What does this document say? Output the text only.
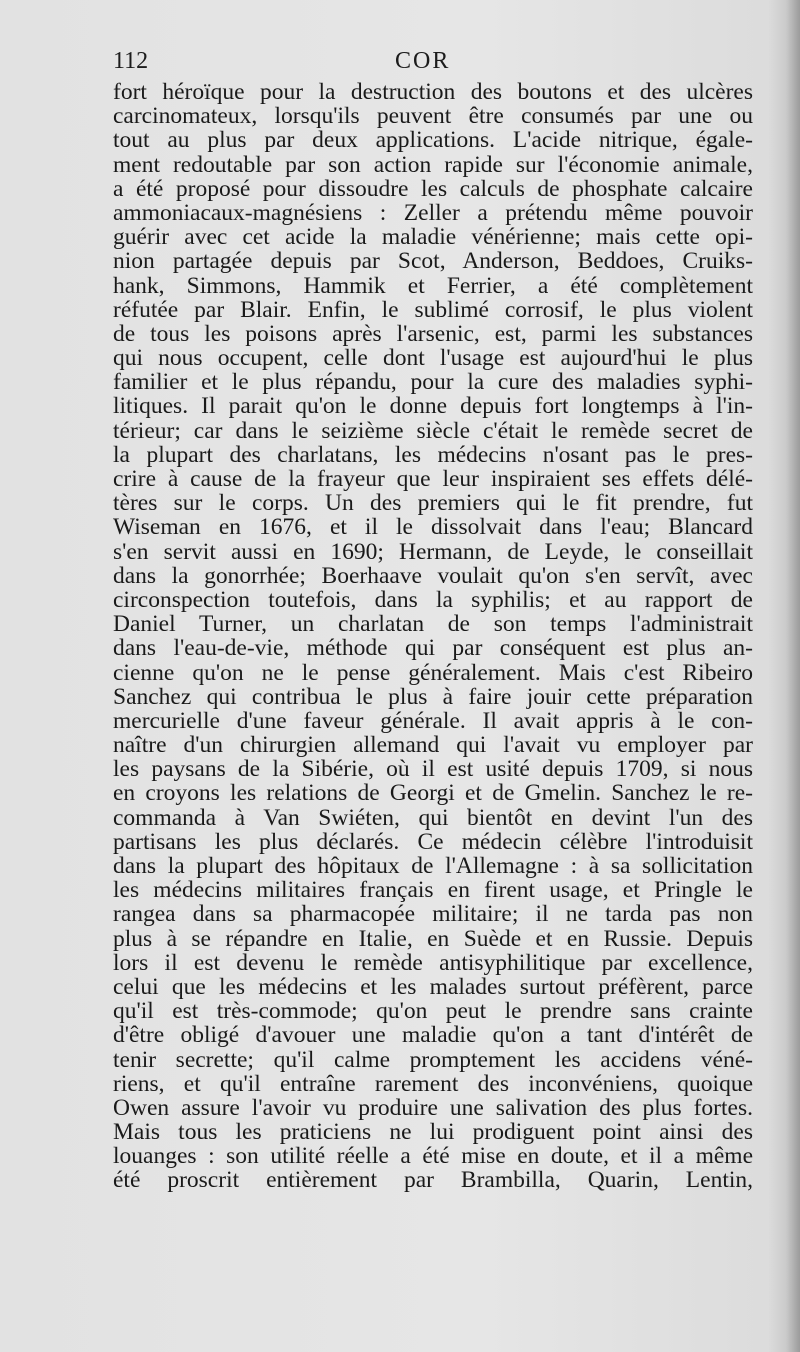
112	COR
fort héroïque pour la destruction des boutons et des ulcères
carcinomateux, lorsqu'ils peuvent être consumés par une ou
tout au plus par deux applications. L'acide nitrique, égale-
ment redoutable par son action rapide sur l'économie animale,
a été proposé pour dissoudre les calculs de phosphate calcaire
ammoniacaux-magnésiens : Zeller a prétendu même pouvoir
guérir avec cet acide la maladie vénérienne; mais cette opi-
nion partagée depuis par Scot, Anderson, Beddoes, Cruiks-
hank, Simmons, Hammik et Ferrier, a été complètement
réfutée par Blair. Enfin, le sublimé corrosif, le plus violent
de tous les poisons après l'arsenic, est, parmi les substances
qui nous occupent, celle dont l'usage est aujourd'hui le plus
familier et le plus répandu, pour la cure des maladies syphi-
litiques. Il parait qu'on le donne depuis fort longtemps à l'in-
térieur; car dans le seizième siècle c'était le remède secret de
la plupart des charlatans, les médecins n'osant pas le pres-
crire à cause de la frayeur que leur inspiraient ses effets délé-
tères sur le corps. Un des premiers qui le fit prendre, fut
Wiseman en 1676, et il le dissolvait dans l'eau; Blancard
s'en servit aussi en 1690; Hermann, de Leyde, le conseillait
dans la gonorrhée; Boerhaave voulait qu'on s'en servît, avec
circonspection toutefois, dans la syphilis; et au rapport de
Daniel Turner, un charlatan de son temps l'administrait
dans l'eau-de-vie, méthode qui par conséquent est plus an-
cienne qu'on ne le pense généralement. Mais c'est Ribeiro
Sanchez qui contribua le plus à faire jouir cette préparation
mercurielle d'une faveur générale. Il avait appris à le con-
naître d'un chirurgien allemand qui l'avait vu employer par
les paysans de la Sibérie, où il est usité depuis 1709, si nous
en croyons les relations de Georgi et de Gmelin. Sanchez le re-
commanda à Van Swiéten, qui bientôt en devint l'un des
partisans les plus déclarés. Ce médecin célèbre l'introduisit
dans la plupart des hôpitaux de l'Allemagne : à sa sollicitation
les médecins militaires français en firent usage, et Pringle le
rangea dans sa pharmacopée militaire; il ne tarda pas non
plus à se répandre en Italie, en Suède et en Russie. Depuis
lors il est devenu le remède antisyphilitique par excellence,
celui que les médecins et les malades surtout préfèrent, parce
qu'il est très-commode; qu'on peut le prendre sans crainte
d'être obligé d'avouer une maladie qu'on a tant d'intérêt de
tenir secrette; qu'il calme promptement les accidens véné-
riens, et qu'il entraîne rarement des inconvéniens, quoique
Owen assure l'avoir vu produire une salivation des plus fortes.
Mais tous les praticiens ne lui prodiguent point ainsi des
louanges : son utilité réelle a été mise en doute, et il a même
été proscrit entièrement par Brambilla, Quarin, Lentin,
